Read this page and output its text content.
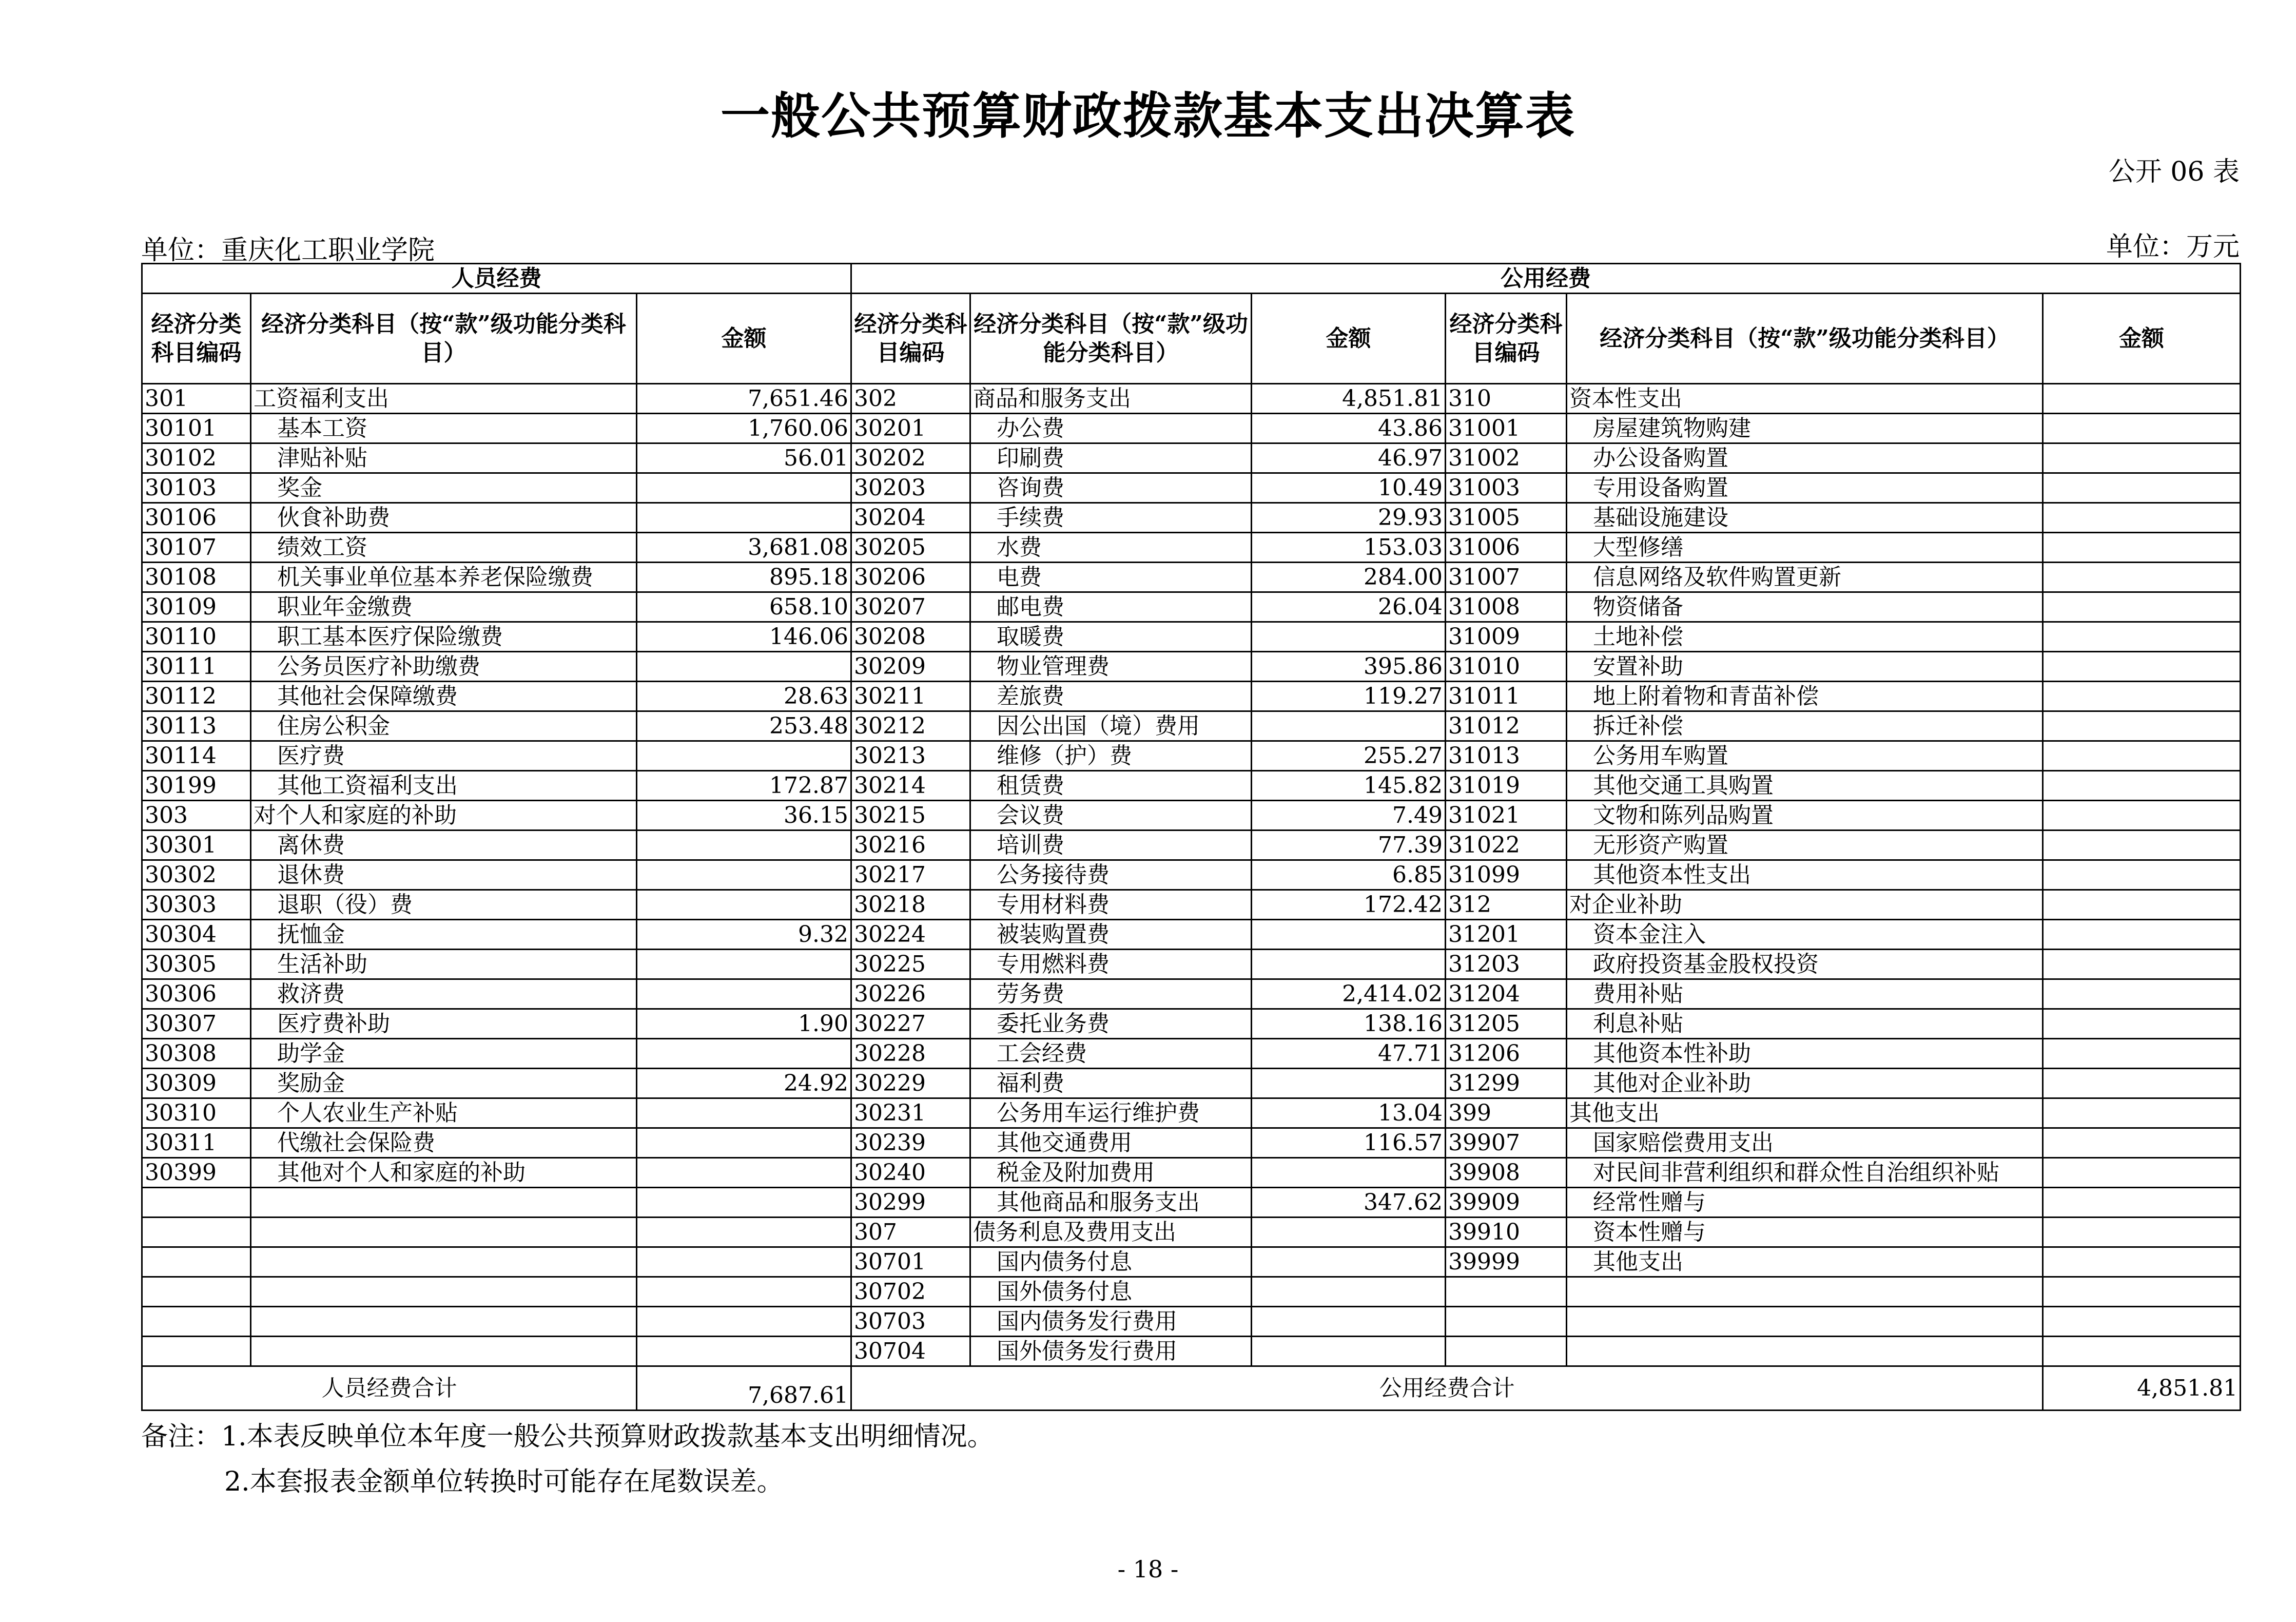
一般公共预算财政拨款基本支出决算表
公开 06 表
单位：重庆化工职业学院	单位：万元
人员经费			公用经费					
经济分类科目编码	经济分类科目（按“款”级功能分类科目）	金额	经济分类科目编码	经济分类科目（按“款”级功能分类科目）	金额	经济分类科目编码	经济分类科目（按“款”级功能分类科目）	金额
301	工资福利支出	7,651.46	302	商品和服务支出	4,851.81	310	资本性支出	
30101	基本工资	1,760.06	30201	办公费	43.86	31001	房屋建筑物购建	
30102	津贴补贴	56.01	30202	印刷费	46.97	31002	办公设备购置	
30103	奖金		30203	咨询费	10.49	31003	专用设备购置	
30106	伙食补助费		30204	手续费	29.93	31005	基础设施建设	
30107	绩效工资	3,681.08	30205	水费	153.03	31006	大型修缮	
30108	机关事业单位基本养老保险缴费	895.18	30206	电费	284.00	31007	信息网络及软件购置更新	
30109	职业年金缴费	658.10	30207	邮电费	26.04	31008	物资储备	
30110	职工基本医疗保险缴费	146.06	30208	取暖费		31009	土地补偿	
30111	公务员医疗补助缴费		30209	物业管理费	395.86	31010	安置补助	
30112	其他社会保障缴费	28.63	30211	差旅费	119.27	31011	地上附着物和青苗补偿	
30113	住房公积金	253.48	30212	因公出国（境）费用		31012	拆迁补偿	
30114	医疗费		30213	维修（护）费	255.27	31013	公务用车购置	
30199	其他工资福利支出	172.87	30214	租赁费	145.82	31019	其他交通工具购置	
303	对个人和家庭的补助	36.15	30215	会议费	7.49	31021	文物和陈列品购置	
30301	离休费		30216	培训费	77.39	31022	无形资产购置	
30302	退休费		30217	公务接待费	6.85	31099	其他资本性支出	
30303	退职（役）费		30218	专用材料费	172.42	312	对企业补助	
30304	抚恤金	9.32	30224	被装购置费		31201	资本金注入	
30305	生活补助		30225	专用燃料费		31203	政府投资基金股权投资	
30306	救济费		30226	劳务费	2,414.02	31204	费用补贴	
30307	医疗费补助	1.90	30227	委托业务费	138.16	31205	利息补贴	
30308	助学金		30228	工会经费	47.71	31206	其他资本性补助	
30309	奖励金	24.92	30229	福利费		31299	其他对企业补助	
30310	个人农业生产补贴		30231	公务用车运行维护费	13.04	399	其他支出	
30311	代缴社会保险费		30239	其他交通费用	116.57	39907	国家赔偿费用支出	
30399	其他对个人和家庭的补助		30240	税金及附加费用		39908	对民间非营利组织和群众性自治组织补贴	
			30299	其他商品和服务支出	347.62	39909	经常性赠与	
			307	债务利息及费用支出		39910	资本性赠与	
			30701	国内债务付息		39999	其他支出	
			30702	国外债务付息				
			30703	国内债务发行费用				
			30704	国外债务发行费用				
人员经费合计		7,687.61	公用经费合计					4,851.81
备注：1.本表反映单位本年度一般公共预算财政拨款基本支出明细情况。
2.本套报表金额单位转换时可能存在尾数误差。
- 18 -
